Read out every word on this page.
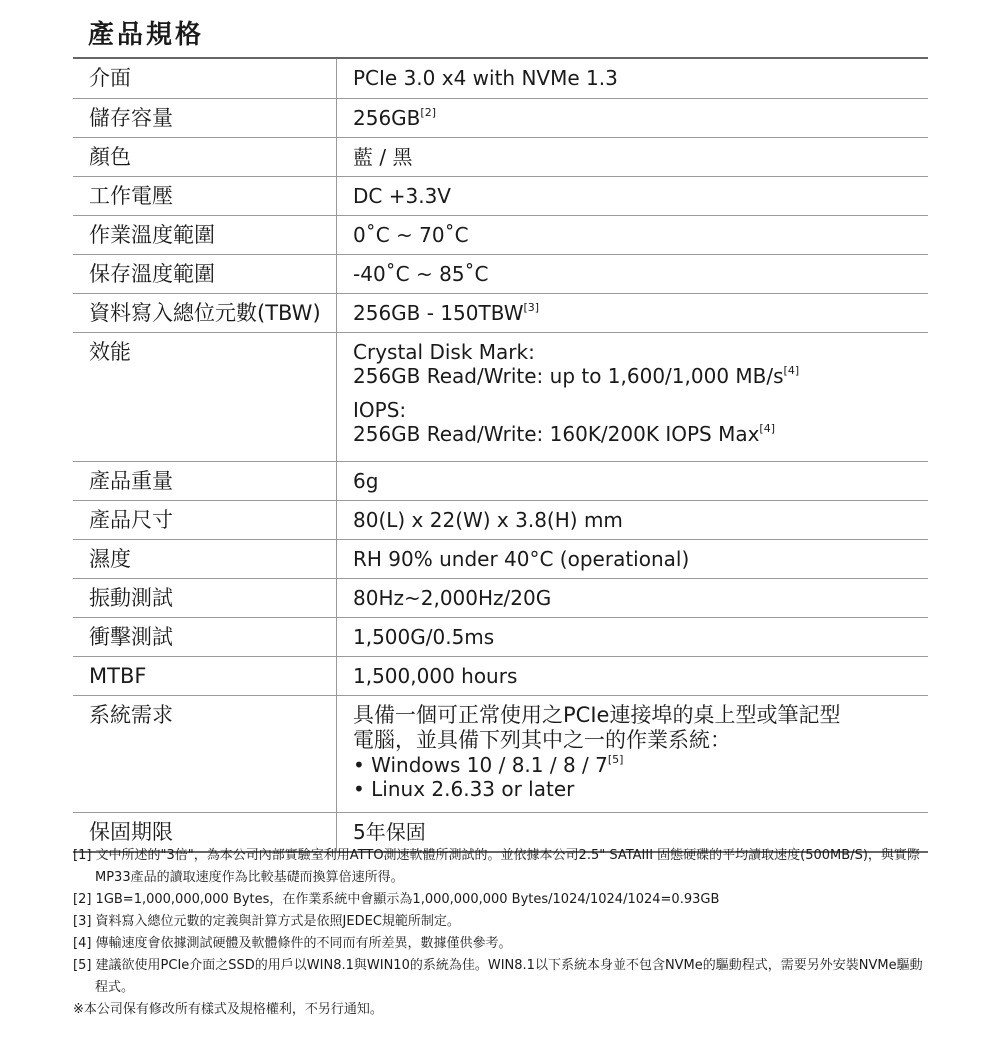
產品規格
介面	PCIe 3.0 x4 with NVMe 1.3
儲存容量	256GB[2]
顏色	藍 / 黑
工作電壓	DC +3.3V
作業溫度範圍	0˚C ~ 70˚C
保存溫度範圍	-40˚C ~ 85˚C
資料寫入總位元數(TBW)	256GB - 150TBW[3]
效能	Crystal Disk Mark:
256GB Read/Write: up to 1,600/1,000 MB/s[4]
IOPS:
256GB Read/Write: 160K/200K IOPS Max[4]
產品重量	6g
產品尺寸	80(L) x 22(W) x 3.8(H) mm
濕度	RH 90% under 40°C (operational)
振動測試	80Hz~2,000Hz/20G
衝擊測試	1,500G/0.5ms
MTBF	1,500,000 hours
系統需求	具備一個可正常使用之PCIe連接埠的桌上型或筆記型
電腦，並具備下列其中之一的作業系統：
• Windows 10 / 8.1 / 8 / 7[5]
• Linux 2.6.33 or later
保固期限	5年保固
[1] 文中所述的"3倍"，為本公司內部實驗室利用ATTO測速軟體所測試的。並依據本公司2.5" SATAIII 固態硬碟的平均讀取速度(500MB/S)，與實際MP33產品的讀取速度作為比較基礎而換算倍速所得。
[2] 1GB=1,000,000,000 Bytes，在作業系統中會顯示為1,000,000,000 Bytes/1024/1024/1024=0.93GB
[3] 資料寫入總位元數的定義與計算方式是依照JEDEC規範所制定。
[4] 傳輸速度會依據測試硬體及軟體條件的不同而有所差異，數據僅供參考。
[5] 建議欲使用PCIe介面之SSD的用戶以WIN8.1與WIN10的系統為佳。WIN8.1以下系統本身並不包含NVMe的驅動程式，需要另外安裝NVMe驅動程式。
※本公司保有修改所有樣式及規格權利，不另行通知。
